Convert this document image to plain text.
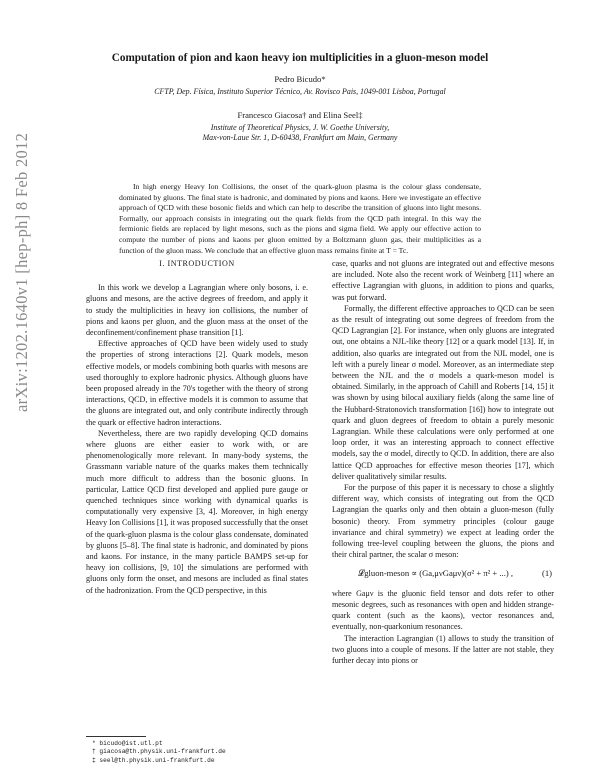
arXiv:1202.1640v1 [hep-ph] 8 Feb 2012
Computation of pion and kaon heavy ion multiplicities in a gluon-meson model
Pedro Bicudo*
CFTP, Dep. Física, Instituto Superior Técnico, Av. Rovisco Pais, 1049-001 Lisboa, Portugal
Francesco Giacosa† and Elina Seel‡
Institute of Theoretical Physics, J. W. Goethe University,
Max-von-Laue Str. 1, D-60438, Frankfurt am Main, Germany

In high energy Heavy Ion Collisions, the onset of the quark-gluon plasma is the colour glass condensate, dominated by gluons. The final state is hadronic, and dominated by pions and kaons. Here we investigate an effective approach of QCD with these bosonic fields and which can help to describe the transition of gluons into light mesons. Formally, our approach consists in integrating out the quark fields from the QCD path integral. In this way the fermionic fields are replaced by light mesons, such as the pions and sigma field. We apply our effective action to compute the number of pions and kaons per gluon emitted by a Boltzmann gluon gas, their multiplicities as a function of the gluon mass. We conclude that an effective gluon mass remains finite at T = Tc.

I. INTRODUCTION

In this work we develop a Lagrangian where only bosons, i. e. gluons and mesons, are the active degrees of freedom, and apply it to study the multiplicities in heavy ion collisions, the number of pions and kaons per gluon, and the gluon mass at the onset of the deconfinement/confinement phase transition [1].

Effective approaches of QCD have been widely used to study the properties of strong interactions [2]. Quark models, meson effective models, or models combining both quarks with mesons are used thoroughly to explore hadronic physics. Although gluons have been proposed already in the 70's together with the theory of strong interactions, QCD, in effective models it is common to assume that the gluons are integrated out, and only contribute indirectly through the quark or effective hadron interactions.

Nevertheless, there are two rapidly developing QCD domains where gluons are either easier to work with, or are phenomenologically more relevant. In many-body systems, the Grassmann variable nature of the quarks makes them technically much more difficult to address than the bosonic gluons. In particular, Lattice QCD first developed and applied pure gauge or quenched techniques since working with dynamical quarks is computationally very expensive [3, 4]. Moreover, in high energy Heavy Ion Collisions [1], it was proposed successfully that the onset of the quark-gluon plasma is the colour glass condensate, dominated by gluons [5–8]. The final state is hadronic, and dominated by pions and kaons. For instance, in the many particle BAMPS set-up for heavy ion collisions, [9, 10] the simulations are performed with gluons only form the onset, and mesons are included as final states of the hadronization. From the QCD perspective, in this

case, quarks and not gluons are integrated out and effective mesons are included. Note also the recent work of Weinberg [11] where an effective Lagrangian with gluons, in addition to pions and quarks, was put forward.

Formally, the different effective approaches to QCD can be seen as the result of integrating out some degrees of freedom from the QCD Lagrangian [2]. For instance, when only gluons are integrated out, one obtains a NJL-like theory [12] or a quark model [13]. If, in addition, also quarks are integrated out from the NJL model, one is left with a purely linear σ model. Moreover, as an intermediate step between the NJL and the σ models a quark-meson model is obtained. Similarly, in the approach of Cahill and Roberts [14, 15] it was shown by using bilocal auxiliary fields (along the same line of the Hubbard-Stratonovich transformation [16]) how to integrate out quark and gluon degrees of freedom to obtain a purely mesonic Lagrangian. While these calculations were only performed at one loop order, it was an interesting approach to connect effective models, say the σ model, directly to QCD. In addition, there are also lattice QCD approaches for effective meson theories [17], which deliver qualitatively similar results.

For the purpose of this paper it is necessary to chose a slightly different way, which consists of integrating out from the QCD Lagrangian the quarks only and then obtain a gluon-meson (fully bosonic) theory. From symmetry principles (colour gauge invariance and chiral symmetry) we expect at leading order the following tree-level coupling between the gluons, the pions and their chiral partner, the scalar σ meson:

𝓛gluon-meson ∝ (Ga,μνGaμν)(σ² + π² + ...) ,	(1)

where Gaμν is the gluonic field tensor and dots refer to other mesonic degrees, such as resonances with open and hidden strange-quark content (such as the kaons), vector resonances and, eventually, non-quarkonium resonances.

The interaction Lagrangian (1) allows to study the transition of two gluons into a couple of mesons. If the latter are not stable, they further decay into pions or

* bicudo@ist.utl.pt
† giacosa@th.physik.uni-frankfurt.de
‡ seel@th.physik.uni-frankfurt.de
